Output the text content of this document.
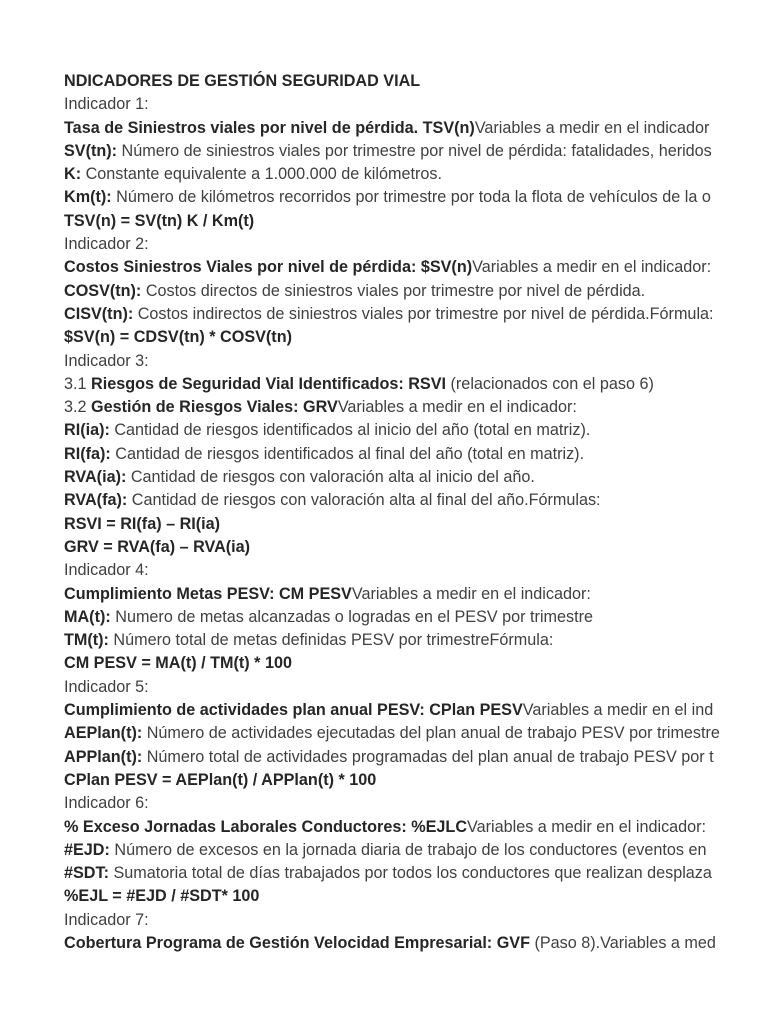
NDICADORES DE GESTIÓN SEGURIDAD VIAL
Indicador 1:
Tasa de Siniestros viales por nivel de pérdida. TSV(n)Variables a medir en el indicador
SV(tn): Número de siniestros viales por trimestre por nivel de pérdida: fatalidades, heridos
K: Constante equivalente a 1.000.000 de kilómetros.
Km(t): Número de kilómetros recorridos por trimestre por toda la flota de vehículos de la o
TSV(n) = SV(tn) K / Km(t)
Indicador 2:
Costos Siniestros Viales por nivel de pérdida: $SV(n)Variables a medir en el indicador:
COSV(tn): Costos directos de siniestros viales por trimestre por nivel de pérdida.
CISV(tn): Costos indirectos de siniestros viales por trimestre por nivel de pérdida.Fórmula:
$SV(n) = CDSV(tn) * COSV(tn)
Indicador 3:
3.1 Riesgos de Seguridad Vial Identificados: RSVI (relacionados con el paso 6)
3.2 Gestión de Riesgos Viales: GRVVariables a medir en el indicador:
RI(ia): Cantidad de riesgos identificados al inicio del año (total en matriz).
RI(fa): Cantidad de riesgos identificados al final del año (total en matriz).
RVA(ia): Cantidad de riesgos con valoración alta al inicio del año.
RVA(fa): Cantidad de riesgos con valoración alta al final del año.Fórmulas:
RSVI = RI(fa) – RI(ia)
GRV = RVA(fa) – RVA(ia)
Indicador 4:
Cumplimiento Metas PESV: CM PESVVariables a medir en el indicador:
MA(t): Numero de metas alcanzadas o logradas en el PESV por trimestre
TM(t): Número total de metas definidas PESV por trimestreFórmula:
CM PESV = MA(t) / TM(t) * 100
Indicador 5:
Cumplimiento de actividades plan anual PESV: CPlan PESVVariables a medir en el ind
AEPlan(t): Número de actividades ejecutadas del plan anual de trabajo PESV por trimestre
APPlan(t): Número total de actividades programadas del plan anual de trabajo PESV por t
CPlan PESV = AEPlan(t) / APPlan(t) * 100
Indicador 6:
% Exceso Jornadas Laborales Conductores: %EJLCVariables a medir en el indicador:
#EJD: Número de excesos en la jornada diaria de trabajo de los conductores (eventos en
#SDT: Sumatoria total de días trabajados por todos los conductores que realizan desplaza
%EJL = #EJD / #SDT* 100
Indicador 7:
Cobertura Programa de Gestión Velocidad Empresarial: GVF (Paso 8).Variables a med
